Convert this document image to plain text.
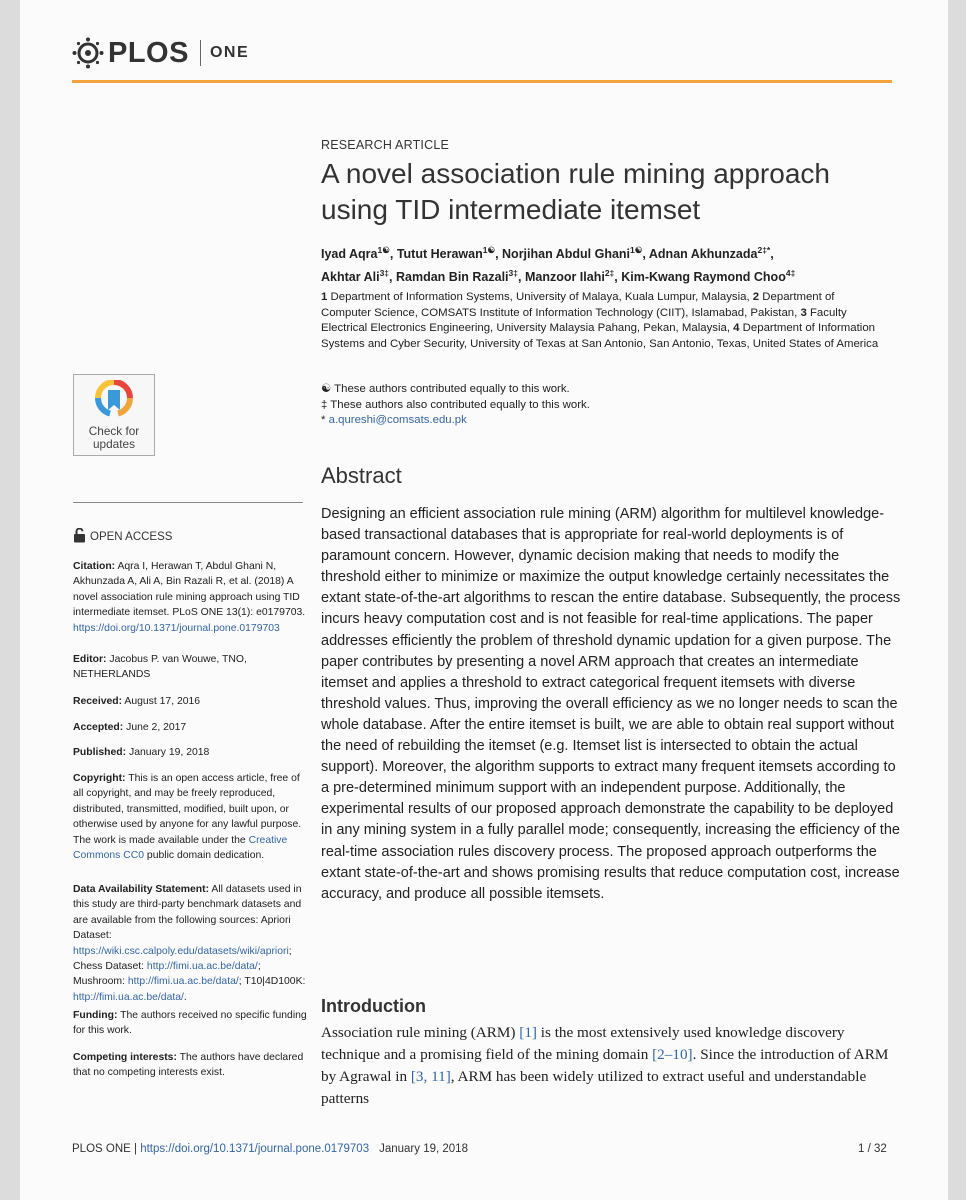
PLOS ONE
Check for updates
OPEN ACCESS
Citation: Aqra I, Herawan T, Abdul Ghani N, Akhunzada A, Ali A, Bin Razali R, et al. (2018) A novel association rule mining approach using TID intermediate itemset. PLoS ONE 13(1): e0179703. https://doi.org/10.1371/journal.pone.0179703
Editor: Jacobus P. van Wouwe, TNO, NETHERLANDS
Received: August 17, 2016
Accepted: June 2, 2017
Published: January 19, 2018
Copyright: This is an open access article, free of all copyright, and may be freely reproduced, distributed, transmitted, modified, built upon, or otherwise used by anyone for any lawful purpose. The work is made available under the Creative Commons CC0 public domain dedication.
Data Availability Statement: All datasets used in this study are third-party benchmark datasets and are available from the following sources: Apriori Dataset: https://wiki.csc.calpoly.edu/datasets/wiki/apriori; Chess Dataset: http://fimi.ua.ac.be/data/; Mushroom: http://fimi.ua.ac.be/data/; T10|4D100K: http://fimi.ua.ac.be/data/.
Funding: The authors received no specific funding for this work.
Competing interests: The authors have declared that no competing interests exist.
RESEARCH ARTICLE
A novel association rule mining approach using TID intermediate itemset
Iyad Aqra$^{1☯}$, Tutut Herawan$^{1☯}$, Norjihan Abdul Ghani$^{1☯}$, Adnan Akhunzada$^{2\ddagger*}$,
Akhtar Ali$^{3\ddagger}$, Ramdan Bin Razali$^{3\ddagger}$, Manzoor Ilahi$^{2\ddagger}$, Kim-Kwang Raymond Choo$^{4\ddagger}$
1 Department of Information Systems, University of Malaya, Kuala Lumpur, Malaysia, 2 Department of Computer Science, COMSATS Institute of Information Technology (CIIT), Islamabad, Pakistan, 3 Faculty Electrical Electronics Engineering, University Malaysia Pahang, Pekan, Malaysia, 4 Department of Information Systems and Cyber Security, University of Texas at San Antonio, San Antonio, Texas, United States of America
☯ These authors contributed equally to this work.
‡ These authors also contributed equally to this work.
* a.qureshi@comsats.edu.pk
Abstract

Designing an efficient association rule mining (ARM) algorithm for multilevel knowledge-based transactional databases that is appropriate for real-world deployments is of paramount concern. However, dynamic decision making that needs to modify the threshold either to minimize or maximize the output knowledge certainly necessitates the extant state-of-the-art algorithms to rescan the entire database. Subsequently, the process incurs heavy computation cost and is not feasible for real-time applications. The paper addresses efficiently the problem of threshold dynamic updation for a given purpose. The paper contributes by presenting a novel ARM approach that creates an intermediate itemset and applies a threshold to extract categorical frequent itemsets with diverse threshold values. Thus, improving the overall efficiency as we no longer needs to scan the whole database. After the entire itemset is built, we are able to obtain real support without the need of rebuilding the itemset (e.g. Itemset list is intersected to obtain the actual support). Moreover, the algorithm supports to extract many frequent itemsets according to a pre-determined minimum support with an independent purpose. Additionally, the experimental results of our proposed approach demonstrate the capability to be deployed in any mining system in a fully parallel mode; consequently, increasing the efficiency of the real-time association rules discovery process. The proposed approach outperforms the extant state-of-the-art and shows promising results that reduce computation cost, increase accuracy, and produce all possible itemsets.

Introduction

Association rule mining (ARM) [1] is the most extensively used knowledge discovery technique and a promising field of the mining domain [2–10]. Since the introduction of ARM by Agrawal in [3, 11], ARM has been widely utilized to extract useful and understandable patterns

PLOS ONE | https://doi.org/10.1371/journal.pone.0179703 January 19, 2018	1 / 32
